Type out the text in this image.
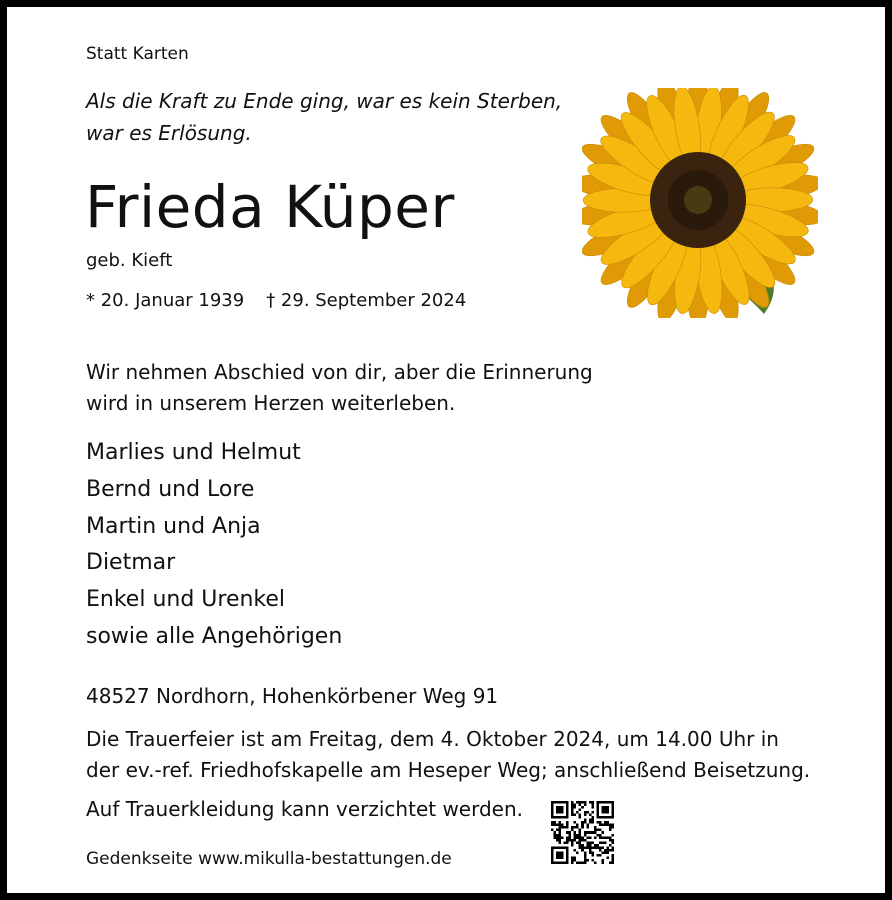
Statt Karten
Als die Kraft zu Ende ging, war es kein Sterben,
war es Erlösung.
Frieda Küper
geb. Kieft
* 20. Januar 1939 † 29. September 2024
Wir nehmen Abschied von dir, aber die Erinnerung
wird in unserem Herzen weiterleben.
Marlies und Helmut
Bernd und Lore
Martin und Anja
Dietmar
Enkel und Urenkel
sowie alle Angehörigen
48527 Nordhorn, Hohenkörbener Weg 91
Die Trauerfeier ist am Freitag, dem 4. Oktober 2024, um 14.00 Uhr in
der ev.-ref. Friedhofskapelle am Heseper Weg; anschließend Beisetzung.
Auf Trauerkleidung kann verzichtet werden.
Gedenkseite www.mikulla-bestattungen.de
